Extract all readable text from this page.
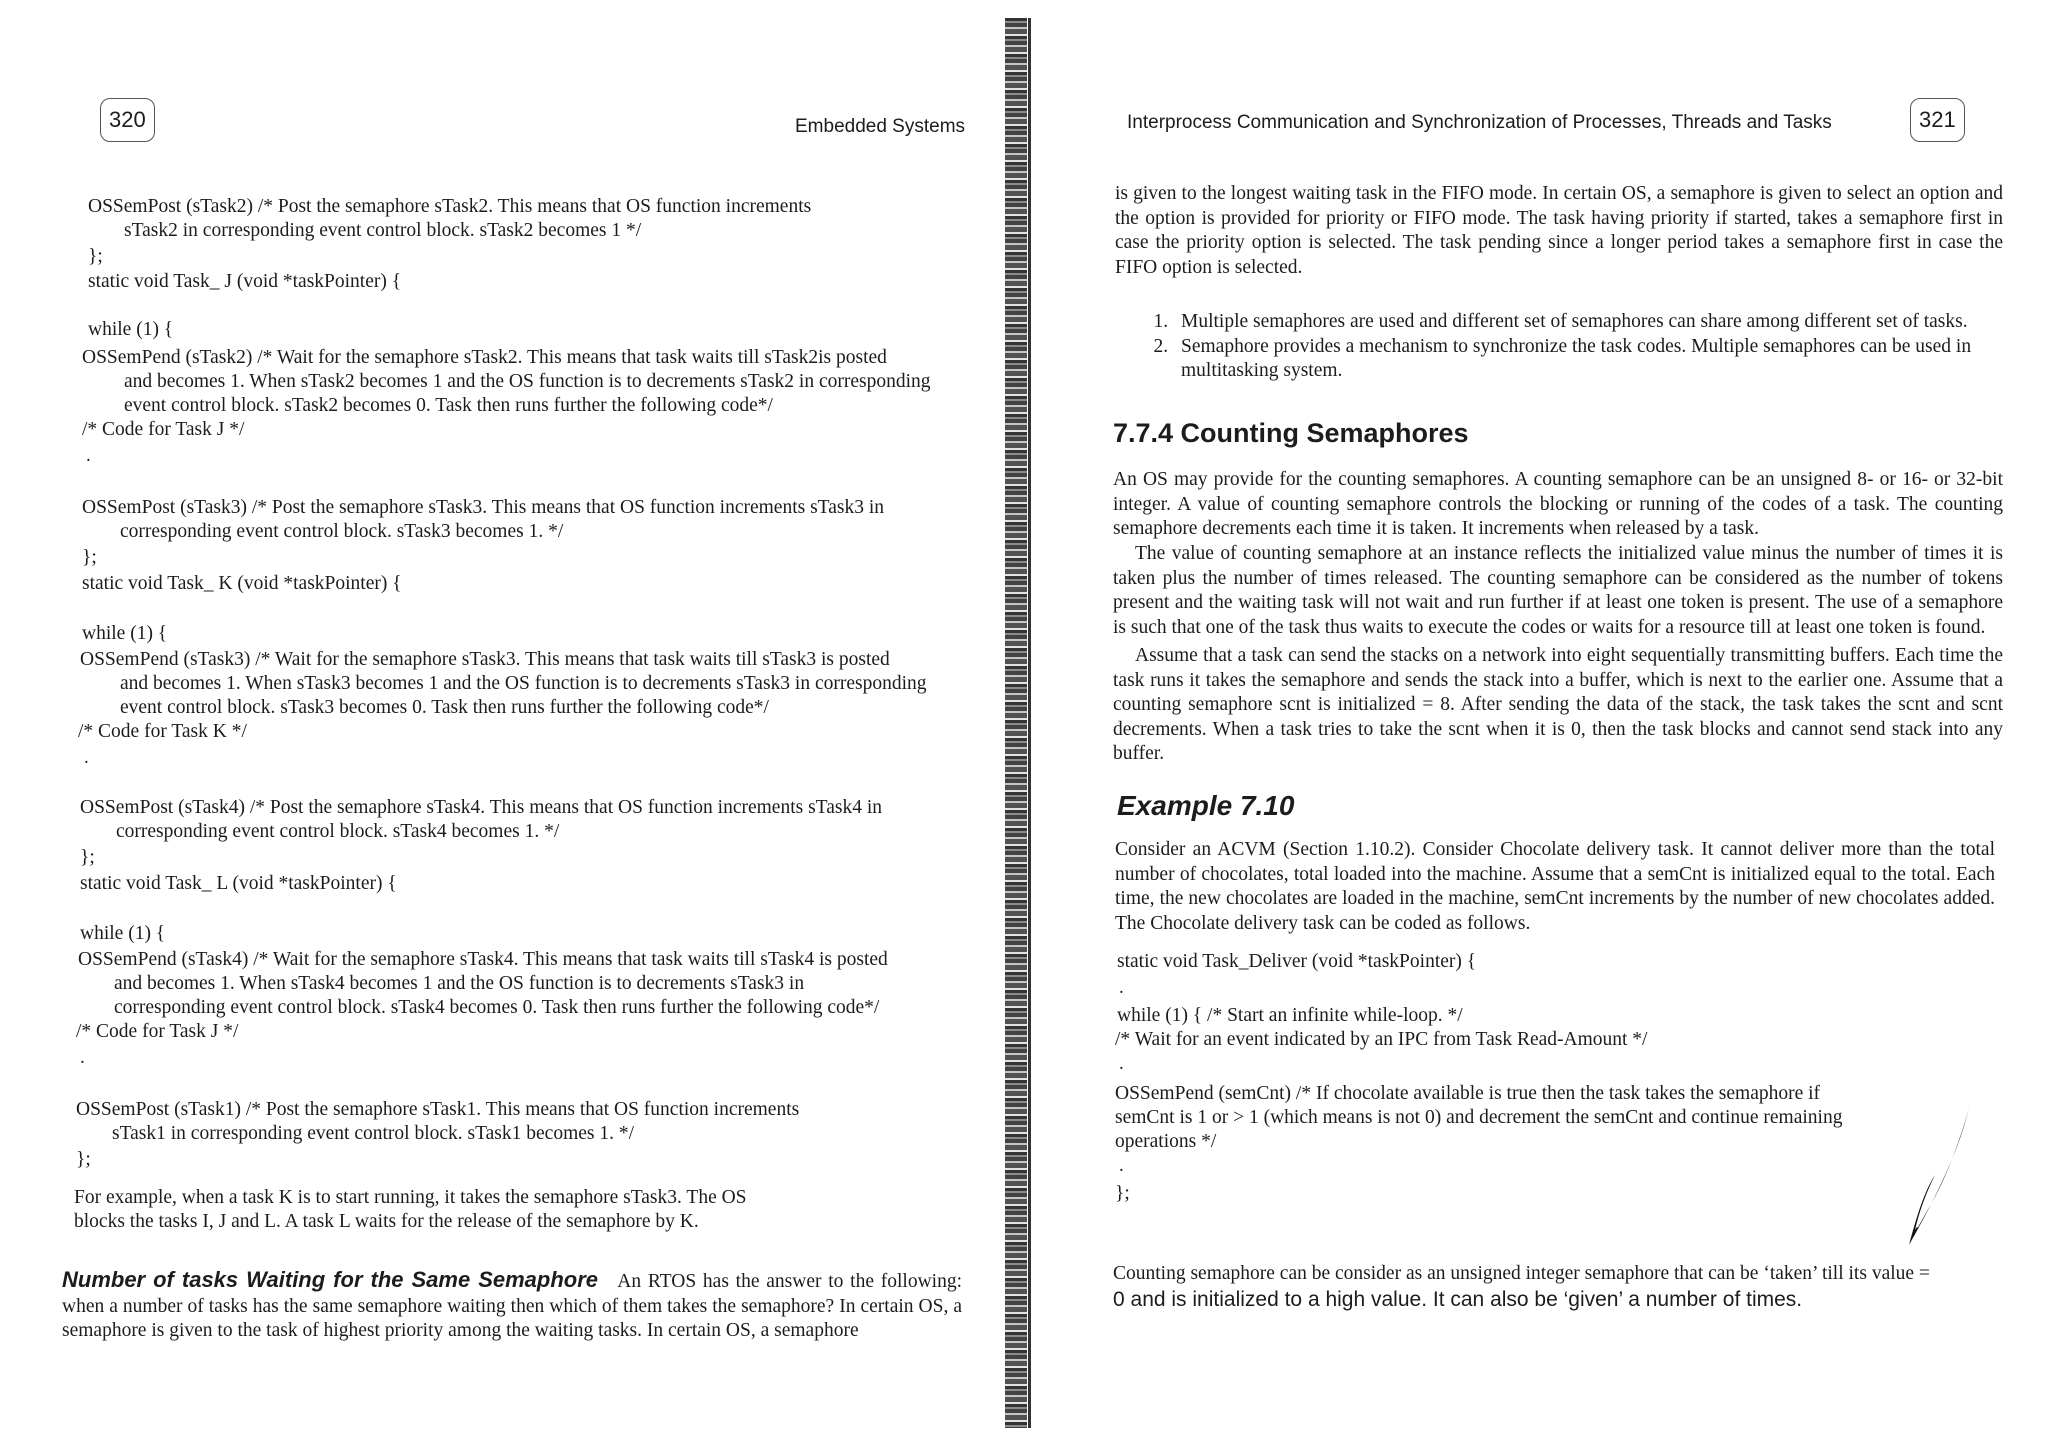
320	Embedded Systems
OSSemPost (sTask2) /* Post the semaphore sTask2. This means that OS function increments
sTask2 in corresponding event control block. sTask2 becomes 1 */
};
static void Task_ J (void *taskPointer) {
while (1) {
OSSemPend (sTask2) /* Wait for the semaphore sTask2. This means that task waits till sTask2is posted
and becomes 1. When sTask2 becomes 1 and the OS function is to decrements sTask2 in corresponding
event control block. sTask2 becomes 0. Task then runs further the following code*/
/* Code for Task J */
.
OSSemPost (sTask3) /* Post the semaphore sTask3. This means that OS function increments sTask3 in
corresponding event control block. sTask3 becomes 1. */
};
static void Task_ K (void *taskPointer) {
while (1) {
OSSemPend (sTask3) /* Wait for the semaphore sTask3. This means that task waits till sTask3 is posted
and becomes 1. When sTask3 becomes 1 and the OS function is to decrements sTask3 in corresponding
event control block. sTask3 becomes 0. Task then runs further the following code*/
/* Code for Task K */
.
OSSemPost (sTask4) /* Post the semaphore sTask4. This means that OS function increments sTask4 in
corresponding event control block. sTask4 becomes 1. */
};
static void Task_ L (void *taskPointer) {
while (1) {
OSSemPend (sTask4) /* Wait for the semaphore sTask4. This means that task waits till sTask4 is posted
and becomes 1. When sTask4 becomes 1 and the OS function is to decrements sTask3 in
corresponding event control block. sTask4 becomes 0. Task then runs further the following code*/
/* Code for Task J */
.
OSSemPost (sTask1) /* Post the semaphore sTask1. This means that OS function increments
sTask1 in corresponding event control block. sTask1 becomes 1. */
};
For example, when a task K is to start running, it takes the semaphore sTask3. The OS
blocks the tasks I, J and L. A task L waits for the release of the semaphore by K.
Number of tasks Waiting for the Same Semaphore An RTOS has the answer to the following: when a number of tasks has the same semaphore waiting then which of them takes the semaphore? In certain OS, a semaphore is given to the task of highest priority among the waiting tasks. In certain OS, a semaphore
Interprocess Communication and Synchronization of Processes, Threads and Tasks	321
is given to the longest waiting task in the FIFO mode. In certain OS, a semaphore is given to select an option and the option is provided for priority or FIFO mode. The task having priority if started, takes a semaphore first in case the priority option is selected. The task pending since a longer period takes a semaphore first in case the FIFO option is selected.
1. Multiple semaphores are used and different set of semaphores can share among different set of tasks.
2. Semaphore provides a mechanism to synchronize the task codes. Multiple semaphores can be used in multitasking system.
7.7.4 Counting Semaphores
An OS may provide for the counting semaphores. A counting semaphore can be an unsigned 8- or 16- or 32-bit integer. A value of counting semaphore controls the blocking or running of the codes of a task. The counting semaphore decrements each time it is taken. It increments when released by a task.
The value of counting semaphore at an instance reflects the initialized value minus the number of times it is taken plus the number of times released. The counting semaphore can be considered as the number of tokens present and the waiting task will not wait and run further if at least one token is present. The use of a semaphore is such that one of the task thus waits to execute the codes or waits for a resource till at least one token is found.
Assume that a task can send the stacks on a network into eight sequentially transmitting buffers. Each time the task runs it takes the semaphore and sends the stack into a buffer, which is next to the earlier one. Assume that a counting semaphore scnt is initialized = 8. After sending the data of the stack, the task takes the scnt and scnt decrements. When a task tries to take the scnt when it is 0, then the task blocks and cannot send stack into any buffer.
Example 7.10
Consider an ACVM (Section 1.10.2). Consider Chocolate delivery task. It cannot deliver more than the total number of chocolates, total loaded into the machine. Assume that a semCnt is initialized equal to the total. Each time, the new chocolates are loaded in the machine, semCnt increments by the number of new chocolates added. The Chocolate delivery task can be coded as follows.
static void Task_Deliver (void *taskPointer) {
.
while (1) { /* Start an infinite while-loop. */
/* Wait for an event indicated by an IPC from Task Read-Amount */
.
OSSemPend (semCnt) /* If chocolate available is true then the task takes the semaphore if
semCnt is 1 or > 1 (which means is not 0) and decrement the semCnt and continue remaining
operations */
.
};
Counting semaphore can be consider as an unsigned integer semaphore that can be ‘taken’ till its value =
0 and is initialized to a high value. It can also be ‘given’ a number of times.
